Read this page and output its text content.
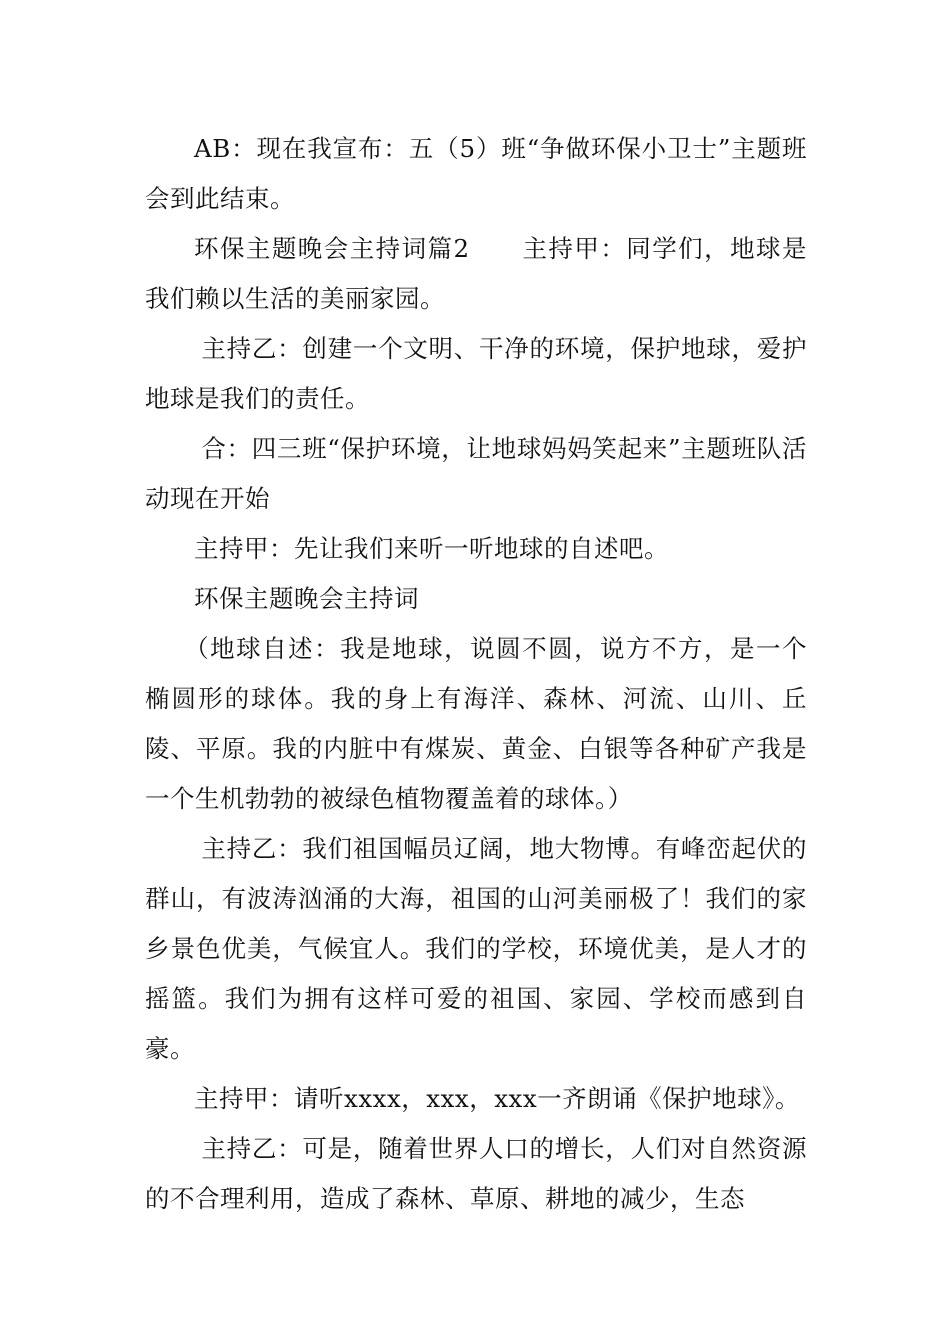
AB：现在我宣布：五（5）班“争做环保小卫士”主题班会到此结束。

环保主题晚会主持词篇2　　主持甲：同学们，地球是我们赖以生活的美丽家园。

主持乙：创建一个文明、干净的环境，保护地球，爱护地球是我们的责任。

合：四三班“保护环境，让地球妈妈笑起来”主题班队活动现在开始

主持甲：先让我们来听一听地球的自述吧。

环保主题晚会主持词

（地球自述：我是地球，说圆不圆，说方不方，是一个椭圆形的球体。我的身上有海洋、森林、河流、山川、丘陵、平原。我的内脏中有煤炭、黄金、白银等各种矿产我是一个生机勃勃的被绿色植物覆盖着的球体。）

主持乙：我们祖国幅员辽阔，地大物博。有峰峦起伏的群山，有波涛汹涌的大海，祖国的山河美丽极了！我们的家乡景色优美，气候宜人。我们的学校，环境优美，是人才的摇篮。我们为拥有这样可爱的祖国、家园、学校而感到自豪。

主持甲：请听xxxx，xxx，xxx一齐朗诵《保护地球》。

主持乙：可是，随着世界人口的增长，人们对自然资源的不合理利用，造成了森林、草原、耕地的减少，生态
